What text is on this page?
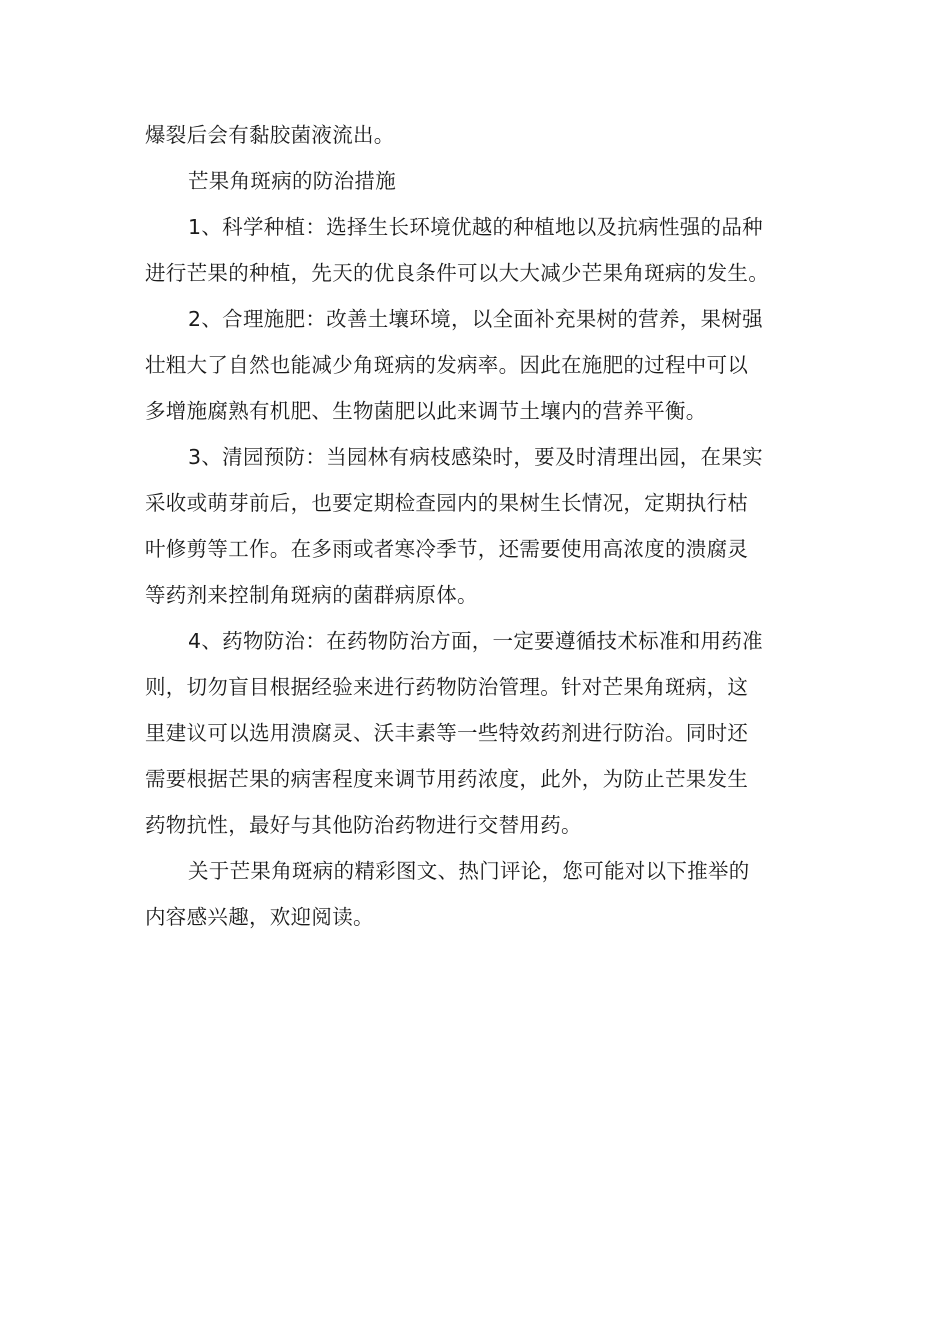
爆裂后会有黏胶菌液流出。

芒果角斑病的防治措施

1、科学种植：选择生长环境优越的种植地以及抗病性强的品种
进行芒果的种植，先天的优良条件可以大大减少芒果角斑病的发生。

2、合理施肥：改善土壤环境，以全面补充果树的营养，果树强
壮粗大了自然也能减少角斑病的发病率。因此在施肥的过程中可以
多增施腐熟有机肥、生物菌肥以此来调节土壤内的营养平衡。

3、清园预防：当园林有病枝感染时，要及时清理出园，在果实
采收或萌芽前后，也要定期检查园内的果树生长情况，定期执行枯
叶修剪等工作。在多雨或者寒冷季节，还需要使用高浓度的溃腐灵
等药剂来控制角斑病的菌群病原体。

4、药物防治：在药物防治方面，一定要遵循技术标准和用药准
则，切勿盲目根据经验来进行药物防治管理。针对芒果角斑病，这
里建议可以选用溃腐灵、沃丰素等一些特效药剂进行防治。同时还
需要根据芒果的病害程度来调节用药浓度，此外，为防止芒果发生
药物抗性，最好与其他防治药物进行交替用药。

关于芒果角斑病的精彩图文、热门评论，您可能对以下推举的
内容感兴趣，欢迎阅读。
